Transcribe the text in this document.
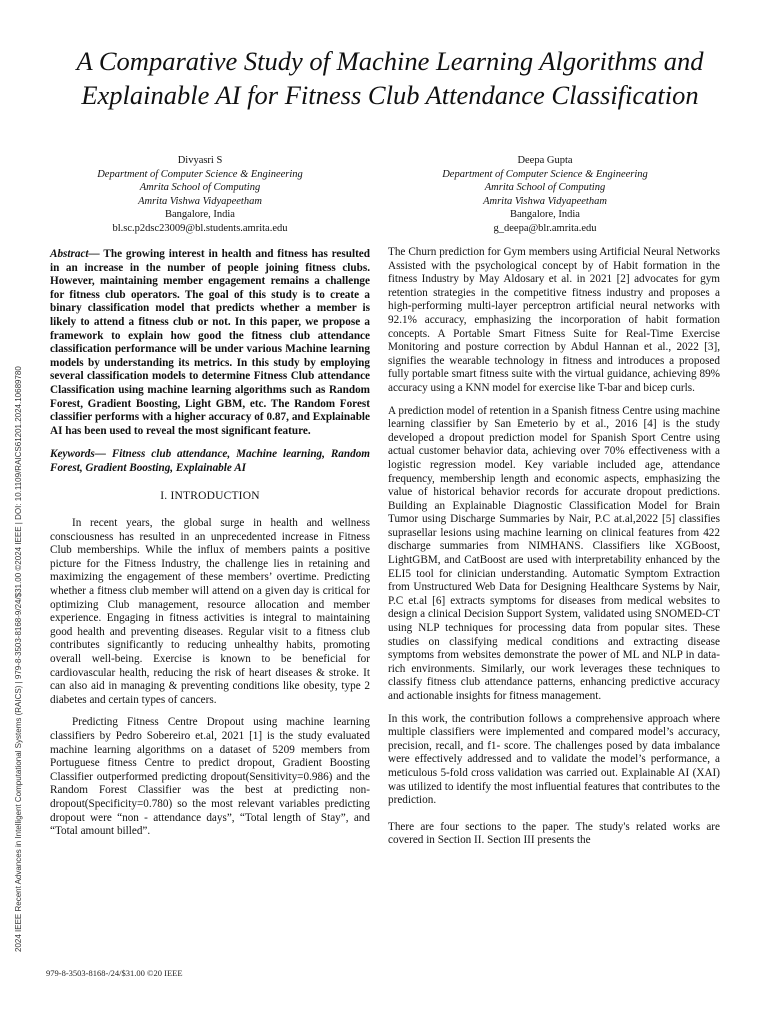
2024 IEEE Recent Advances in Intelligent Computational Systems (RAICS) | 979-8-3503-8168-9/24/$31.00 ©2024 IEEE | DOI: 10.1109/RAICS61201.2024.10689780
A Comparative Study of Machine Learning Algorithms and Explainable AI for Fitness Club Attendance Classification
Divyasri S
Department of Computer Science & Engineering
Amrita School of Computing
Amrita Vishwa Vidyapeetham
Bangalore, India
bl.sc.p2dsc23009@bl.students.amrita.edu
Deepa Gupta
Department of Computer Science & Engineering
Amrita School of Computing
Amrita Vishwa Vidyapeetham
Bangalore, India
g_deepa@blr.amrita.edu

Abstract— The growing interest in health and fitness has resulted in an increase in the number of people joining fitness clubs. However, maintaining member engagement remains a challenge for fitness club operators. The goal of this study is to create a binary classification model that predicts whether a member is likely to attend a fitness club or not. In this paper, we propose a framework to explain how good the fitness club attendance classification performance will be under various Machine learning models by understanding its metrics. In this study by employing several classification models to determine Fitness Club attendance Classification using machine learning algorithms such as Random Forest, Gradient Boosting, Light GBM, etc. The Random Forest classifier performs with a higher accuracy of 0.87, and Explainable AI has been used to reveal the most significant feature.

Keywords— Fitness club attendance, Machine learning, Random Forest, Gradient Boosting, Explainable AI

I. INTRODUCTION

In recent years, the global surge in health and wellness consciousness has resulted in an unprecedented increase in Fitness Club memberships. While the influx of members paints a positive picture for the Fitness Industry, the challenge lies in retaining and maximizing the engagement of these members’ overtime. Predicting whether a fitness club member will attend on a given day is critical for optimizing Club management, resource allocation and member experience. Engaging in fitness activities is integral to maintaining good health and preventing diseases. Regular visit to a fitness club contributes significantly to reducing unhealthy habits, promoting overall well-being. Exercise is known to be beneficial for cardiovascular health, reducing the risk of heart diseases & stroke. It can also aid in managing & preventing conditions like obesity, type 2 diabetes and certain types of cancers.

Predicting Fitness Centre Dropout using machine learning classifiers by Pedro Sobereiro et.al, 2021 [1] is the study evaluated machine learning algorithms on a dataset of 5209 members from Portuguese fitness Centre to predict dropout, Gradient Boosting Classifier outperformed predicting dropout(Sensitivity=0.986) and the Random Forest Classifier was the best at predicting non-dropout(Specificity=0.780) so the most relevant variables predicting dropout were “non - attendance days”, “Total length of Stay”, and “Total amount billed”.

The Churn prediction for Gym members using Artificial Neural Networks Assisted with the psychological concept by of Habit formation in the fitness Industry by May Aldosary et al. in 2021 [2] advocates for gym retention strategies in the competitive fitness industry and proposes a high-performing multi-layer perceptron artificial neural networks with 92.1% accuracy, emphasizing the incorporation of habit formation concepts. A Portable Smart Fitness Suite for Real-Time Exercise Monitoring and posture correction by Abdul Hannan et al., 2022 [3], signifies the wearable technology in fitness and introduces a proposed fully portable smart fitness suite with the virtual guidance, achieving 89% accuracy using a KNN model for exercise like T-bar and bicep curls.

A prediction model of retention in a Spanish fitness Centre using machine learning classifier by San Emeterio by et al., 2016 [4] is the study developed a dropout prediction model for Spanish Sport Centre using actual customer behavior data, achieving over 70% effectiveness with a logistic regression model. Key variable included age, attendance frequency, membership length and economic aspects, emphasizing the value of historical behavior records for accurate dropout predictions. Building an Explainable Diagnostic Classification Model for Brain Tumor using Discharge Summaries by Nair, P.C at.al,2022 [5] classifies suprasellar lesions using machine learning on clinical features from 422 discharge summaries from NIMHANS. Classifiers like XGBoost, LightGBM, and CatBoost are used with interpretability enhanced by the ELI5 tool for clinician understanding. Automatic Symptom Extraction from Unstructured Web Data for Designing Healthcare Systems by Nair, P.C et.al [6] extracts symptoms for diseases from medical websites to design a clinical Decision Support System, validated using SNOMED-CT using NLP techniques for processing data from popular sites. These studies on classifying medical conditions and extracting disease symptoms from websites demonstrate the power of ML and NLP in data-rich environments. Similarly, our work leverages these techniques to classify fitness club attendance patterns, enhancing predictive accuracy and actionable insights for fitness management.

In this work, the contribution follows a comprehensive approach where multiple classifiers were implemented and compared model’s accuracy, precision, recall, and f1- score. The challenges posed by data imbalance were effectively addressed and to validate the model’s performance, a meticulous 5-fold cross validation was carried out. Explainable AI (XAI) was utilized to identify the most influential features that contributes to the prediction.

There are four sections to the paper. The study's related works are covered in Section II. Section III presents the

979-8-3503-8168-/24/$31.00 ©20 IEEE
